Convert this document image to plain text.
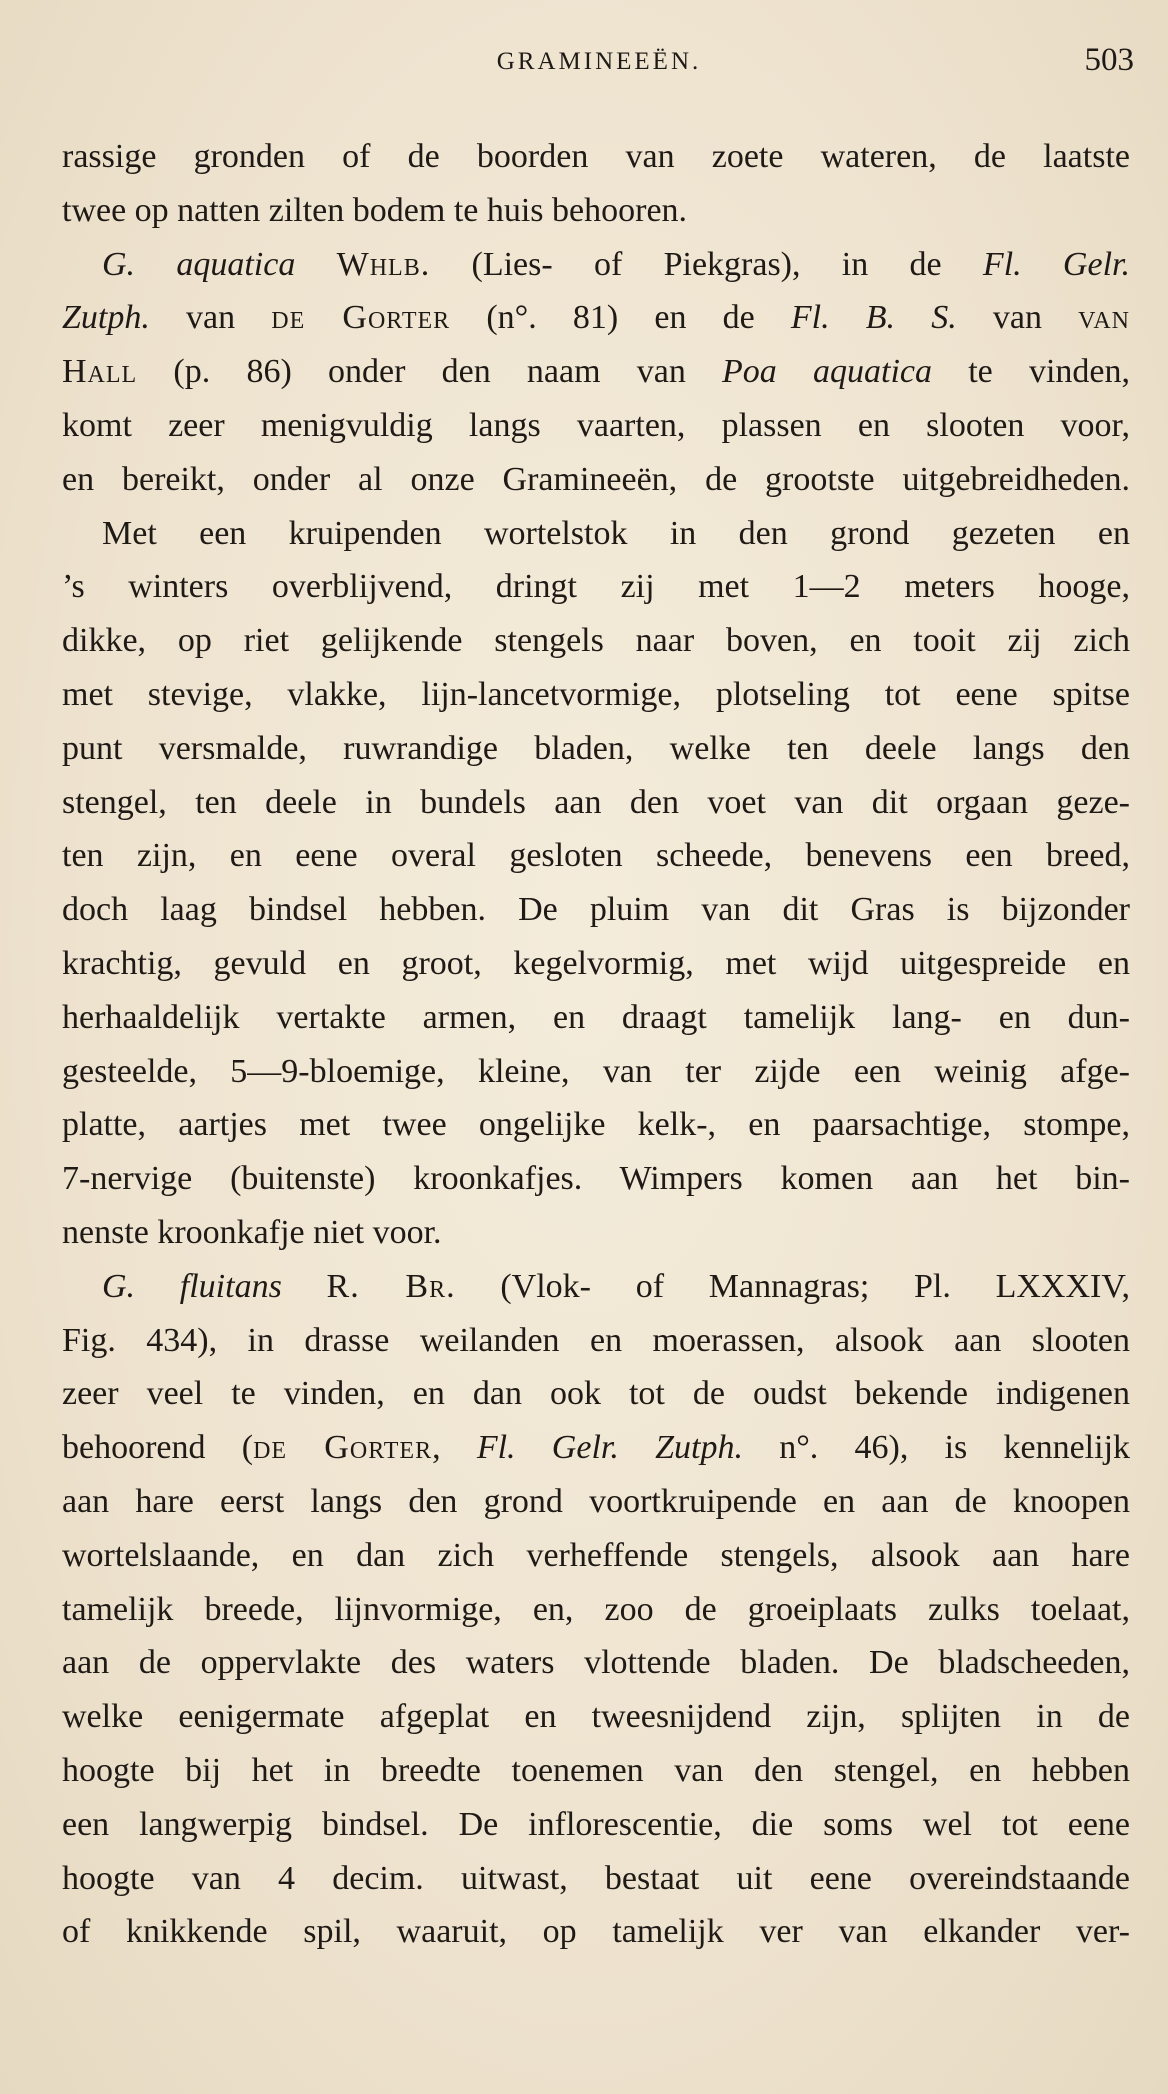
GRAMINEEËN.	503
rassige gronden of de boorden van zoete wateren, de laatste
twee op natten zilten bodem te huis behooren.
G. aquatica Whlb. (Lies- of Piekgras), in de Fl. Gelr.
Zutph. van de Gorter (n°. 81) en de Fl. B. S. van van
Hall (p. 86) onder den naam van Poa aquatica te vinden,
komt zeer menigvuldig langs vaarten, plassen en slooten voor,
en bereikt, onder al onze Gramineeën, de grootste uitgebreidheden.
Met een kruipenden wortelstok in den grond gezeten en
’s winters overblijvend, dringt zij met 1—2 meters hooge,
dikke, op riet gelijkende stengels naar boven, en tooit zij zich
met stevige, vlakke, lijn-lancetvormige, plotseling tot eene spitse
punt versmalde, ruwrandige bladen, welke ten deele langs den
stengel, ten deele in bundels aan den voet van dit orgaan geze-
ten zijn, en eene overal gesloten scheede, benevens een breed,
doch laag bindsel hebben. De pluim van dit Gras is bijzonder
krachtig, gevuld en groot, kegelvormig, met wijd uitgespreide en
herhaaldelijk vertakte armen, en draagt tamelijk lang- en dun-
gesteelde, 5—9-bloemige, kleine, van ter zijde een weinig afge-
platte, aartjes met twee ongelijke kelk-, en paarsachtige, stompe,
7-nervige (buitenste) kroonkafjes. Wimpers komen aan het bin-
nenste kroonkafje niet voor.
G. fluitans R. Br. (Vlok- of Mannagras; Pl. LXXXIV,
Fig. 434), in drasse weilanden en moerassen, alsook aan slooten
zeer veel te vinden, en dan ook tot de oudst bekende indigenen
behoorend (de Gorter, Fl. Gelr. Zutph. n°. 46), is kennelijk
aan hare eerst langs den grond voortkruipende en aan de knoopen
wortelslaande, en dan zich verheffende stengels, alsook aan hare
tamelijk breede, lijnvormige, en, zoo de groeiplaats zulks toelaat,
aan de oppervlakte des waters vlottende bladen. De bladscheeden,
welke eenigermate afgeplat en tweesnijdend zijn, splijten in de
hoogte bij het in breedte toenemen van den stengel, en hebben
een langwerpig bindsel. De inflorescentie, die soms wel tot eene
hoogte van 4 decim. uitwast, bestaat uit eene overeindstaande
of knikkende spil, waaruit, op tamelijk ver van elkander ver-
